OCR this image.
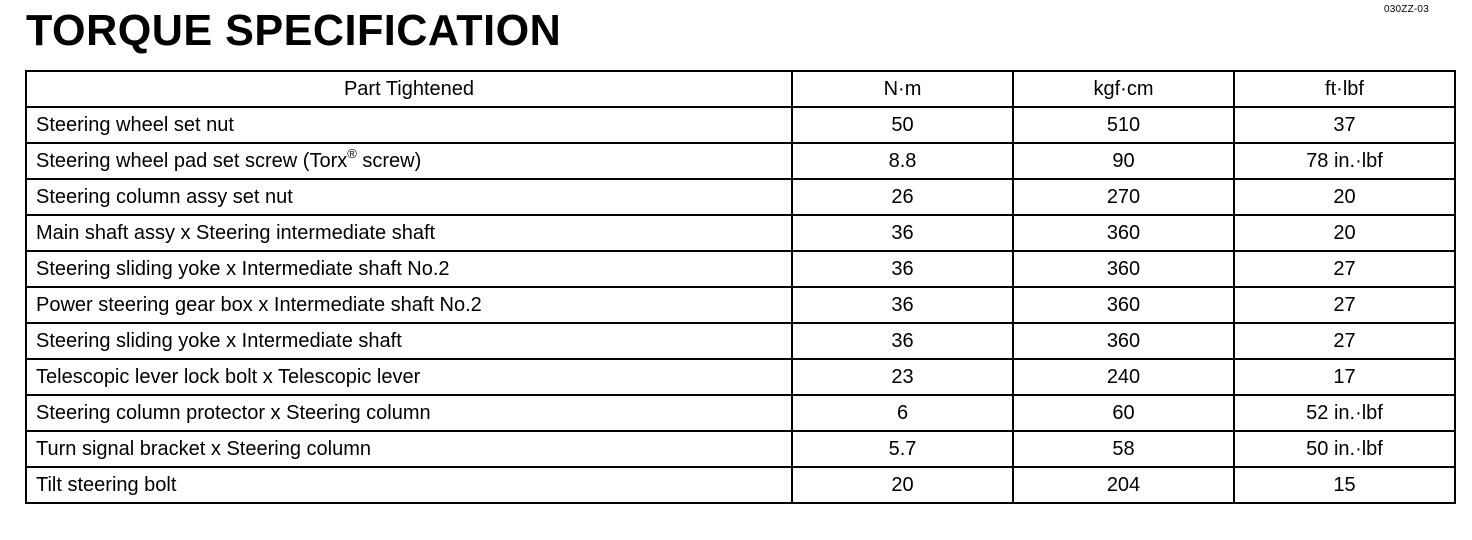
030ZZ-03
TORQUE SPECIFICATION
Part Tightened	N·m	kgf·cm	ft·lbf
Steering wheel set nut	50	510	37
Steering wheel pad set screw (Torx® screw)	8.8	90	78 in.·lbf
Steering column assy set nut	26	270	20
Main shaft assy x Steering intermediate shaft	36	360	20
Steering sliding yoke x Intermediate shaft No.2	36	360	27
Power steering gear box x Intermediate shaft No.2	36	360	27
Steering sliding yoke x Intermediate shaft	36	360	27
Telescopic lever lock bolt x Telescopic lever	23	240	17
Steering column protector x Steering column	6	60	52 in.·lbf
Turn signal bracket x Steering column	5.7	58	50 in.·lbf
Tilt steering bolt	20	204	15
